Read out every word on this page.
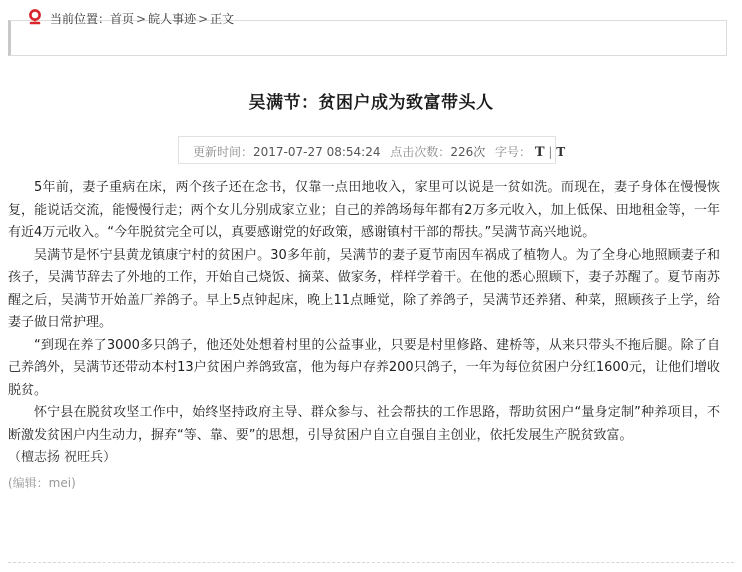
当前位置：首页 > 皖人事迹 > 正文
吴满节：贫困户成为致富带头人
更新时间：2017-07-27 08:54:24 点击次数：226次 字号： T | T

5年前，妻子重病在床，两个孩子还在念书，仅靠一点田地收入，家里可以说是一贫如洗。而现在，妻子身体在慢慢恢复，能说话交流，能慢慢行走；两个女儿分别成家立业；自己的养鸽场每年都有2万多元收入，加上低保、田地租金等，一年有近4万元收入。“今年脱贫完全可以，真要感谢党的好政策，感谢镇村干部的帮扶。”吴满节高兴地说。

吴满节是怀宁县黄龙镇康宁村的贫困户。30多年前，吴满节的妻子夏节南因车祸成了植物人。为了全身心地照顾妻子和孩子，吴满节辞去了外地的工作，开始自己烧饭、摘菜、做家务，样样学着干。在他的悉心照顾下，妻子苏醒了。夏节南苏醒之后，吴满节开始盖厂养鸽子。早上5点钟起床，晚上11点睡觉，除了养鸽子，吴满节还养猪、种菜，照顾孩子上学，给妻子做日常护理。

“到现在养了3000多只鸽子，他还处处想着村里的公益事业，只要是村里修路、建桥等，从来只带头不拖后腿。除了自己养鸽外，吴满节还带动本村13户贫困户养鸽致富，他为每户存养200只鸽子，一年为每位贫困户分红1600元，让他们增收脱贫。

怀宁县在脱贫攻坚工作中，始终坚持政府主导、群众参与、社会帮扶的工作思路，帮助贫困户“量身定制”种养项目，不断激发贫困户内生动力，摒弃“等、靠、要”的思想，引导贫困户自立自强自主创业，依托发展生产脱贫致富。

（檀志扬 祝旺兵）

(编辑：mei)
